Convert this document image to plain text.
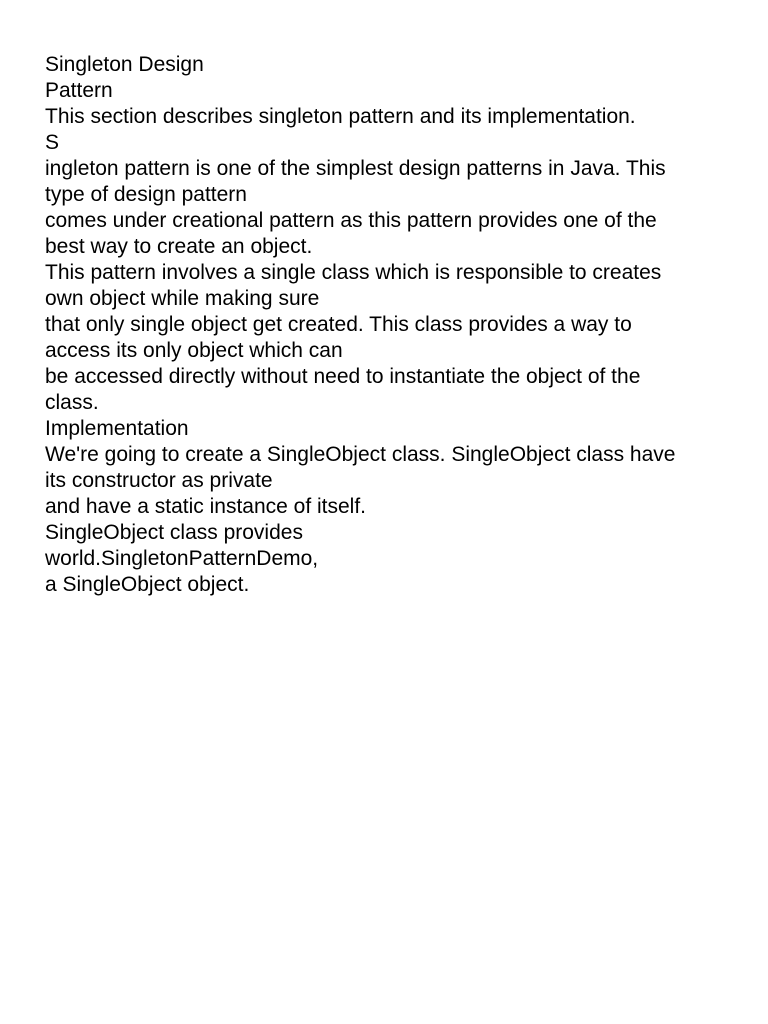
Singleton Design
Pattern
This section describes singleton pattern and its implementation.
S
ingleton pattern is one of the simplest design patterns in Java. This
type of design pattern
comes under creational pattern as this pattern provides one of the
best way to create an object.
This pattern involves a single class which is responsible to creates
own object while making sure
that only single object get created. This class provides a way to
access its only object which can
be accessed directly without need to instantiate the object of the
class.
Implementation
We're going to create a SingleObject class. SingleObject class have
its constructor as private
and have a static instance of itself.
SingleObject class provides
world.SingletonPatternDemo,
a SingleObject object.
